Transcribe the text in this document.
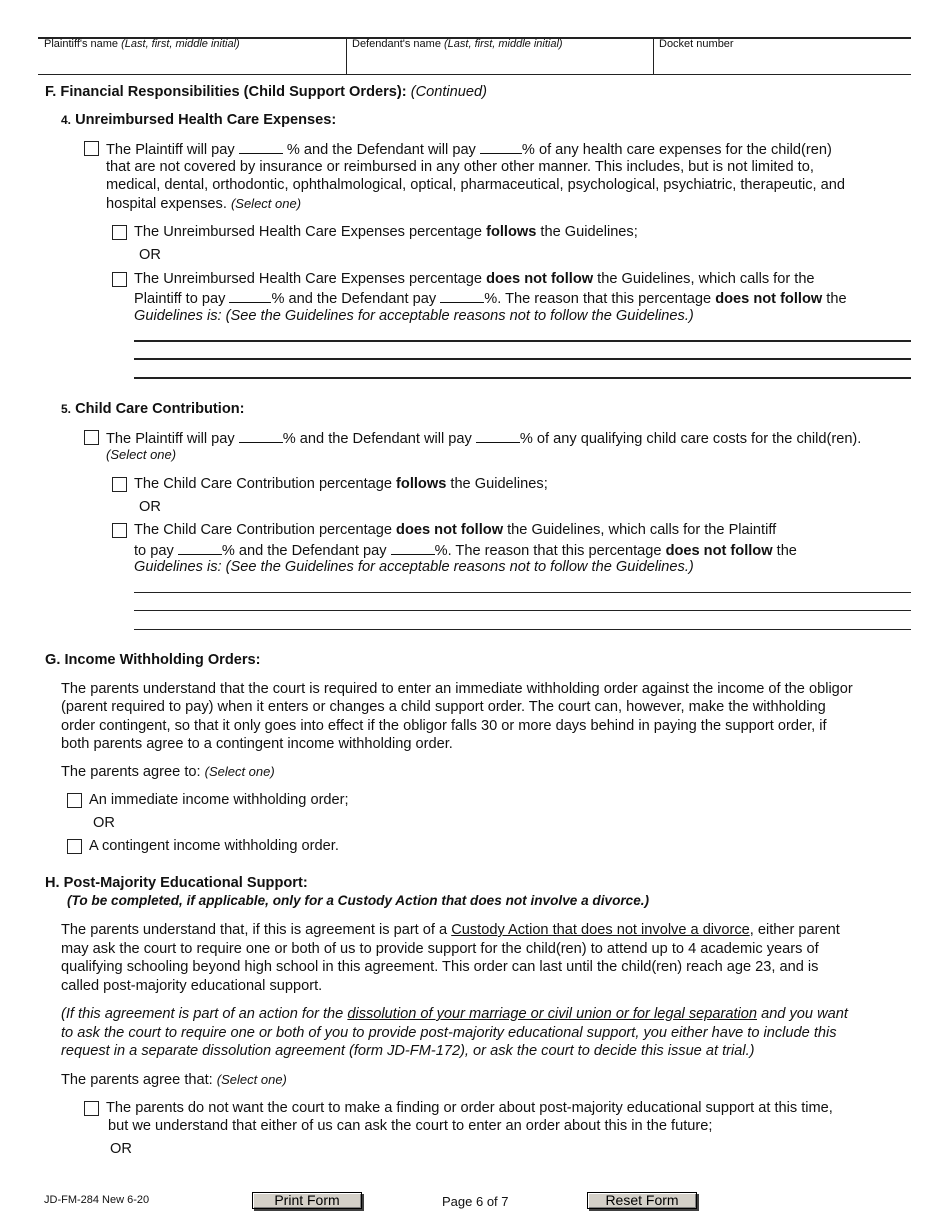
Plaintiff's name (Last, first, middle initial)	Defendant's name (Last, first, middle initial)	Docket number
F. Financial Responsibilities (Child Support Orders): (Continued)
4. Unreimbursed Health Care Expenses:
The Plaintiff will pay	% and the Defendant will pay	% of any health care expenses for the child(ren)
that are not covered by insurance or reimbursed in any other other manner. This includes, but is not limited to,
medical, dental, orthodontic, ophthalmological, optical, pharmaceutical, psychological, psychiatric, therapeutic, and
hospital expenses. (Select one)
The Unreimbursed Health Care Expenses percentage follows the Guidelines;
OR
The Unreimbursed Health Care Expenses percentage does not follow the Guidelines, which calls for the
Plaintiff to pay	% and the Defendant pay	%. The reason that this percentage does not follow the
Guidelines is: (See the Guidelines for acceptable reasons not to follow the Guidelines.)
5. Child Care Contribution:
The Plaintiff will pay	% and the Defendant will pay	% of any qualifying child care costs for the child(ren).
(Select one)
The Child Care Contribution percentage follows the Guidelines;
OR
The Child Care Contribution percentage does not follow the Guidelines, which calls for the Plaintiff
to pay	% and the Defendant pay	%. The reason that this percentage does not follow the
Guidelines is: (See the Guidelines for acceptable reasons not to follow the Guidelines.)
G. Income Withholding Orders:
The parents understand that the court is required to enter an immediate withholding order against the income of the obligor
(parent required to pay) when it enters or changes a child support order. The court can, however, make the withholding
order contingent, so that it only goes into effect if the obligor falls 30 or more days behind in paying the support order, if
both parents agree to a contingent income withholding order.
The parents agree to: (Select one)
An immediate income withholding order;
OR
A contingent income withholding order.
H. Post-Majority Educational Support:
(To be completed, if applicable, only for a Custody Action that does not involve a divorce.)
The parents understand that, if this is agreement is part of a Custody Action that does not involve a divorce, either parent
may ask the court to require one or both of us to provide support for the child(ren) to attend up to 4 academic years of
qualifying schooling beyond high school in this agreement. This order can last until the child(ren) reach age 23, and is
called post-majority educational support.
(If this agreement is part of an action for the dissolution of your marriage or civil union or for legal separation and you want
to ask the court to require one or both of you to provide post-majority educational support, you either have to include this
request in a separate dissolution agreement (form JD-FM-172), or ask the court to decide this issue at trial.)
The parents agree that: (Select one)
The parents do not want the court to make a finding or order about post-majority educational support at this time,
but we understand that either of us can ask the court to enter an order about this in the future;
OR
JD-FM-284 New 6-20	Print Form	Page 6 of 7	Reset Form
